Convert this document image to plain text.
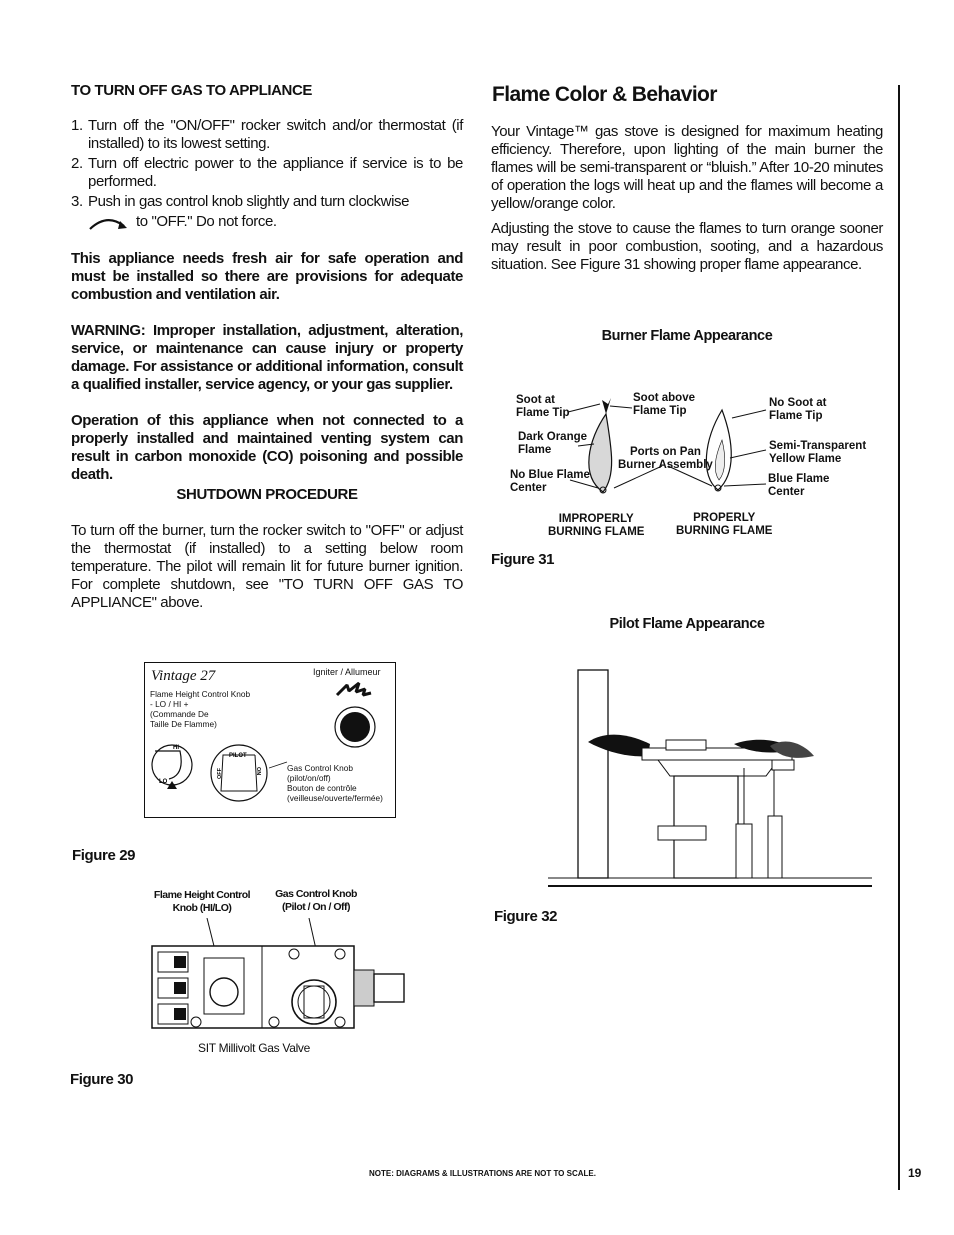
TO TURN OFF GAS TO APPLIANCE
1. Turn off the "ON/OFF" rocker switch and/or thermostat (if installed) to its lowest setting.
2. Turn off electric power to the appliance if service is to be performed.
3. Push in gas control knob slightly and turn clockwise
to "OFF." Do not force.
This appliance needs fresh air for safe operation and must be installed so there are provisions for adequate combustion and ventilation air.
WARNING: Improper installation, adjustment, alteration, service, or maintenance can cause injury or property damage. For assistance or additional information, consult a qualified installer, service agency, or your gas supplier.
Operation of this appliance when not connected to a properly installed and maintained venting system can result in carbon monoxide (CO) poisoning and possible death.
SHUTDOWN PROCEDURE
To turn off the burner, turn the rocker switch to "OFF" or adjust the thermostat (if installed) to a setting below room temperature. The pilot will remain lit for future burner ignition. For complete shutdown, see "TO TURN OFF GAS TO APPLIANCE" above.
Vintage 27	Igniter / Allumeur
Flame Height Control Knob
- LO / HI +
(Commande De
Taille De Flamme)
HI
LO
PILOT
OFF	ON	Gas Control Knob
(pilot/on/off)
Bouton de contrôle
(veilleuse/ouverte/fermée)
Figure 29
Flame Height Control
Knob (HI/LO)
Gas Control Knob
(Pilot / On / Off)
SIT Millivolt Gas Valve
Figure 30
Flame Color & Behavior
Your Vintage™ gas stove is designed for maximum heating efficiency. Therefore, upon lighting of the main burner the flames will be semi-transparent or “bluish.” After 10-20 minutes of operation the logs will heat up and the flames will become a yellow/orange color.
Adjusting the stove to cause the flames to turn orange sooner may result in poor combustion, sooting, and a hazardous situation. See Figure 31 showing proper flame appearance.
Burner Flame Appearance
Soot at
Flame Tip
Soot above
Flame Tip
No Soot at
Flame Tip
Dark Orange
Flame	Ports on Pan
Burner Assembly
Semi-Transparent
Yellow Flame
No Blue Flame
Center
Blue Flame
Center
IMPROPERLY
BURNING FLAME
PROPERLY
BURNING FLAME
Figure 31
Pilot Flame Appearance
Figure 32
NOTE: DIAGRAMS & ILLUSTRATIONS ARE NOT TO SCALE.	19
